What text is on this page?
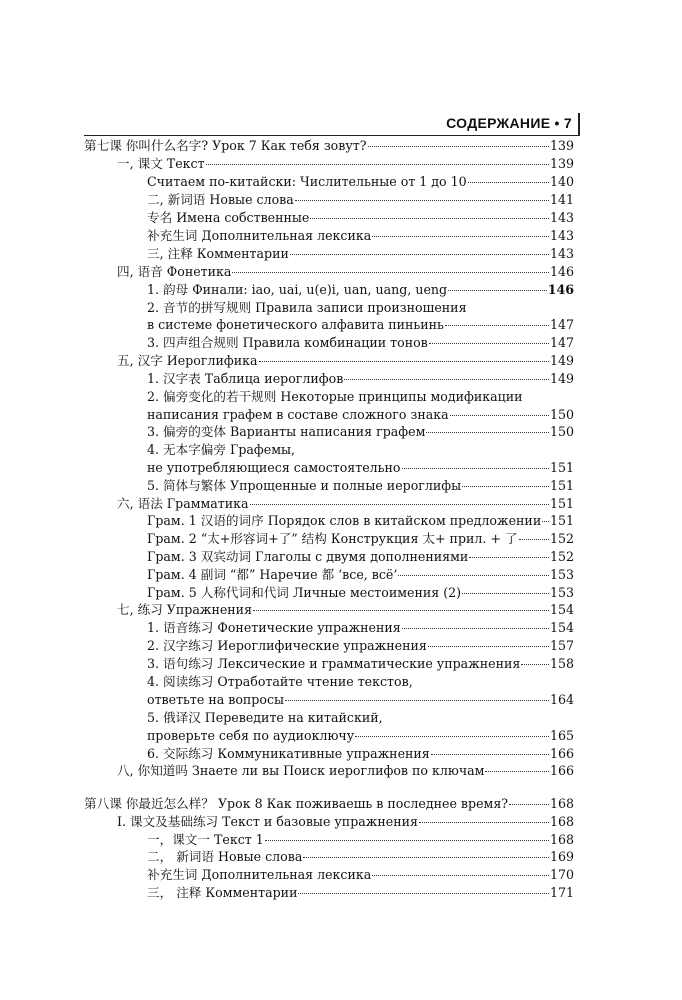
СОДЕРЖАНИЕ • 7
第七课 你叫什么名字? Урок 7 Как тебя зовут?	139
一, 课文 Текст	139
Считаем по-китайски: Числительные от 1 до 10	140
二, 新词语 Новые слова	141
专名 Имена собственные	143
补充生词 Дополнительная лексика	143
三, 注释 Комментарии	143
四, 语音 Фонетика	146
1. 韵母 Финали: iao, uai, u(e)i, uan, uang, ueng	146
2. 音节的拼写规则 Правила записи произношения
в системе фонетического алфавита пиньинь	147
3. 四声组合规则 Правила комбинации тонов	147
五, 汉字 Иероглифика	149
1. 汉字表 Таблица иероглифов	149
2. 偏旁变化的若干规则 Некоторые принципы модификации
написания графем в составе сложного знака	150
3. 偏旁的变体 Варианты написания графем	150
4. 无本字偏旁 Графемы,
не употребляющиеся самостоятельно	151
5. 简体与繁体 Упрощенные и полные иероглифы	151
六, 语法 Грамматика	151
Грам. 1 汉语的词序 Порядок слов в китайском предложении 151
Грам. 2 “太+形容词+了” 结构 Конструкция 太+ прил. + 了	152
Грам. 3 双宾动词 Глаголы с двумя дополнениями	152
Грам. 4 副词 “都” Наречие 都 ‘все, всё’	153
Грам. 5 人称代词和代词 Личные местоимения (2)	153
七, 练习 Упражнения	154
1. 语音练习 Фонетические упражнения	154
2. 汉字练习 Иероглифические упражнения	157
3. 语句练习 Лексические и грамматические упражнения 158
4. 阅读练习 Отработайте чтение текстов,
ответьте на вопросы	164
5. 俄译汉 Переведите на китайский,
проверьте себя по аудиоключу	165
6. 交际练习 Коммуникативные упражнения	166
八, 你知道吗 Знаете ли вы Поиск иероглифов по ключам	166
第八课 你最近怎么样？ Урок 8 Как поживаешь в последнее время?	168
I. 课文及基础练习 Текст и базовые упражнения	168
一，课文一 Текст 1	168
二， 新词语 Новые слова	169
补充生词 Дополнительная лексика	170
三， 注释 Комментарии	171
